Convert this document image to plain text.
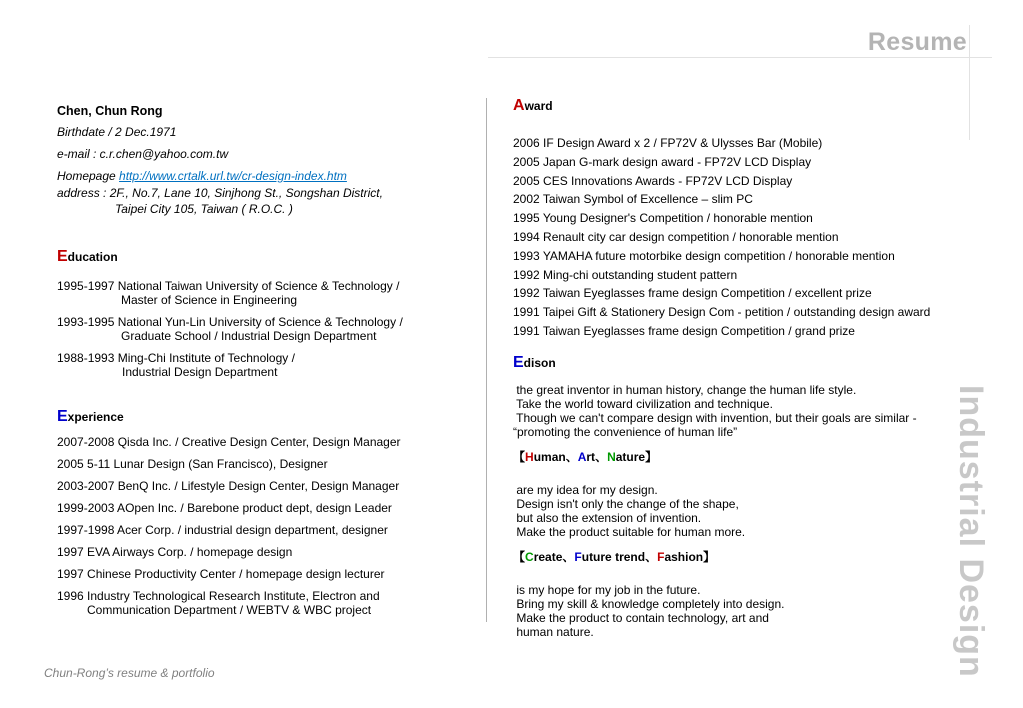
Resume
Industrial Design
Chen, Chun Rong
Birthdate / 2 Dec.1971
e-mail : c.r.chen@yahoo.com.tw
Homepage http://www.crtalk.url.tw/cr-design-index.htm
address : 2F., No.7, Lane 10, Sinjhong St., Songshan District,
Taipei City 105, Taiwan ( R.O.C. )
Education
1995-1997 National Taiwan University of Science & Technology /
Master of Science in Engineering
1993-1995 National Yun-Lin University of Science & Technology /
Graduate School / Industrial Design Department
1988-1993 Ming-Chi Institute of Technology /
Industrial Design Department
Experience
2007-2008 Qisda Inc. / Creative Design Center, Design Manager
2005 5-11 Lunar Design (San Francisco), Designer
2003-2007 BenQ Inc. / Lifestyle Design Center, Design Manager
1999-2003 AOpen Inc. / Barebone product dept, design Leader
1997-1998 Acer Corp. / industrial design department, designer
1997 EVA Airways Corp. / homepage design
1997 Chinese Productivity Center / homepage design lecturer
1996 Industry Technological Research Institute, Electron and
Communication Department / WEBTV & WBC project
Award
2006 IF Design Award x 2 / FP72V & Ulysses Bar (Mobile)
2005 Japan G-mark design award - FP72V LCD Display
2005 CES Innovations Awards - FP72V LCD Display
2002 Taiwan Symbol of Excellence – slim PC
1995 Young Designer's Competition / honorable mention
1994 Renault city car design competition / honorable mention
1993 YAMAHA future motorbike design competition / honorable mention
1992 Ming-chi outstanding student pattern
1992 Taiwan Eyeglasses frame design Competition / excellent prize
1991 Taipei Gift & Stationery Design Com - petition / outstanding design award
1991 Taiwan Eyeglasses frame design Competition / grand prize
Edison
the great inventor in human history, change the human life style.
Take the world toward civilization and technique.
Though we can't compare design with invention, but their goals are similar -
“promoting the convenience of human life”
【Human、Art、Nature】
are my idea for my design.
Design isn't only the change of the shape,
but also the extension of invention.
Make the product suitable for human more.
【Create、Future trend、Fashion】
is my hope for my job in the future.
Bring my skill & knowledge completely into design.
Make the product to contain technology, art and
human nature.
Chun-Rong’s resume & portfolio
